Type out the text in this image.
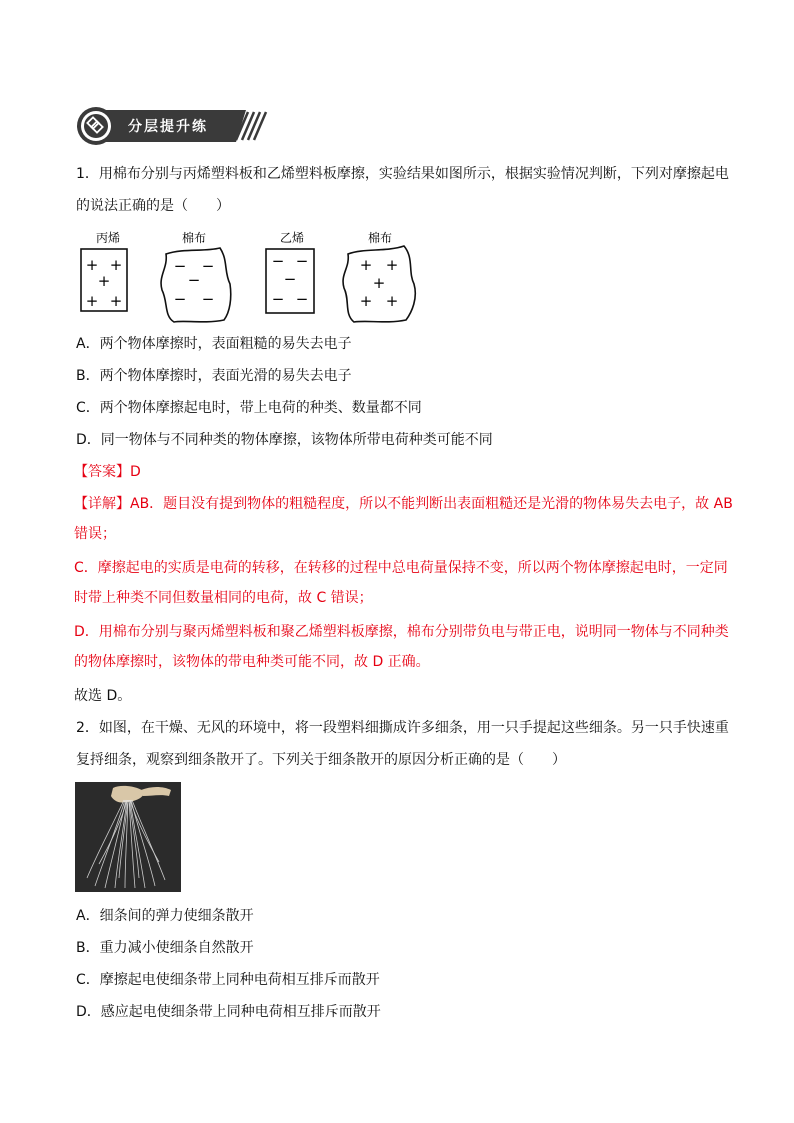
分层提升练

1．用棉布分别与丙烯塑料板和乙烯塑料板摩擦，实验结果如图所示，根据实验情况判断，下列对摩擦起电

的说法正确的是（　　）

丙烯
+ +
+
+ +
棉布
− −
−
− −
乙烯
− −
−
− −
棉布
+ +
+
+ +

A．两个物体摩擦时，表面粗糙的易失去电子

B．两个物体摩擦时，表面光滑的易失去电子

C．两个物体摩擦起电时，带上电荷的种类、数量都不同

D．同一物体与不同种类的物体摩擦，该物体所带电荷种类可能不同

【答案】D

【详解】AB．题目没有提到物体的粗糙程度，所以不能判断出表面粗糙还是光滑的物体易失去电子，故 AB

错误；

C．摩擦起电的实质是电荷的转移，在转移的过程中总电荷量保持不变，所以两个物体摩擦起电时，一定同

时带上种类不同但数量相同的电荷，故 C 错误；

D．用棉布分别与聚丙烯塑料板和聚乙烯塑料板摩擦，棉布分别带负电与带正电，说明同一物体与不同种类

的物体摩擦时，该物体的带电种类可能不同，故 D 正确。

故选 D。

2．如图，在干燥、无风的环境中，将一段塑料细撕成许多细条，用一只手提起这些细条。另一只手快速重

复捋细条，观察到细条散开了。下列关于细条散开的原因分析正确的是（　　）

A．细条间的弹力使细条散开

B．重力减小使细条自然散开

C．摩擦起电使细条带上同种电荷相互排斥而散开

D．感应起电使细条带上同种电荷相互排斥而散开
